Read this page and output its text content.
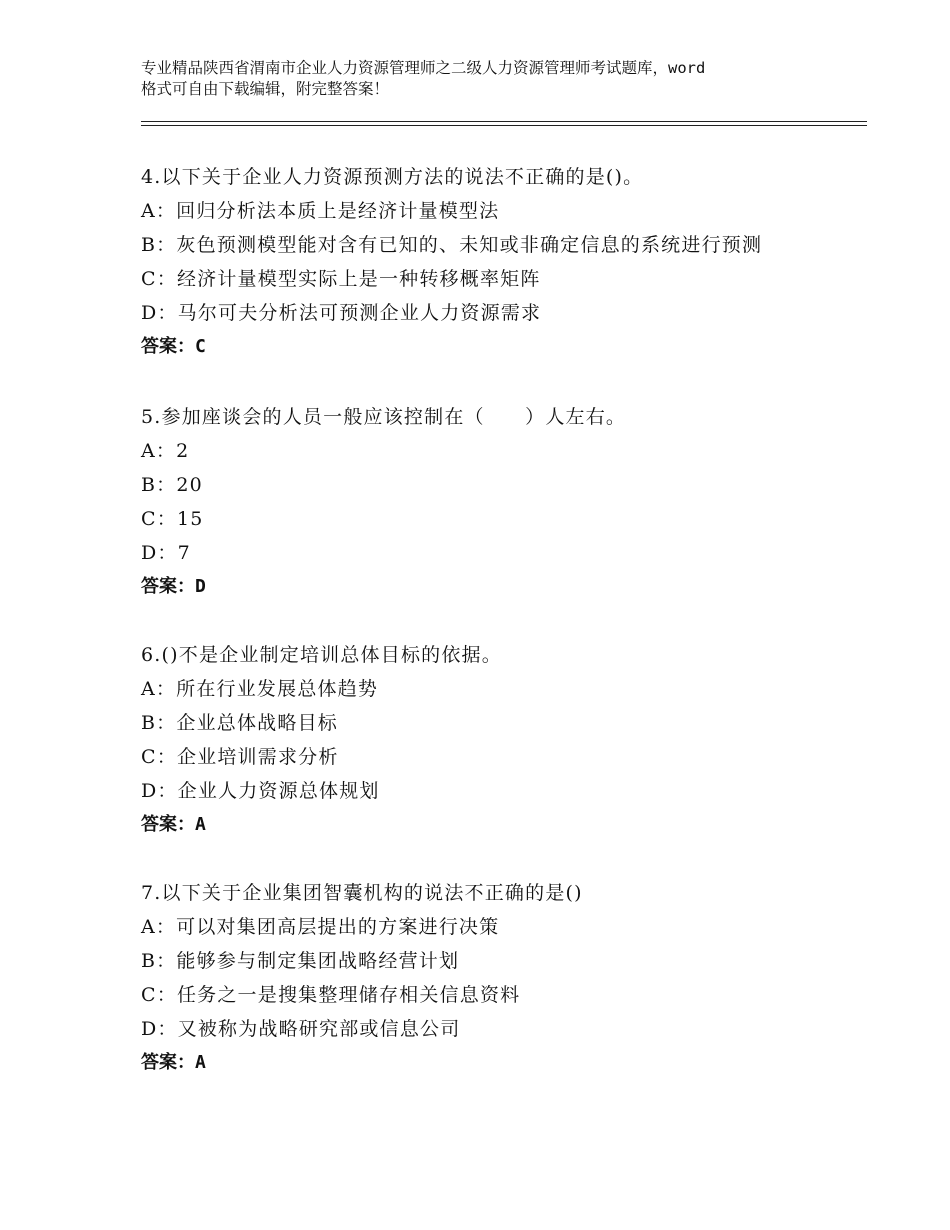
专业精品陕西省渭南市企业人力资源管理师之二级人力资源管理师考试题库，word
格式可自由下载编辑，附完整答案！
4.以下关于企业人力资源预测方法的说法不正确的是()。
A：回归分析法本质上是经济计量模型法
B：灰色预测模型能对含有已知的、未知或非确定信息的系统进行预测
C：经济计量模型实际上是一种转移概率矩阵
D：马尔可夫分析法可预测企业人力资源需求
答案：C
5.参加座谈会的人员一般应该控制在（　　）人左右。
A：2
B：20
C：15
D：7
答案：D
6.()不是企业制定培训总体目标的依据。
A：所在行业发展总体趋势
B：企业总体战略目标
C：企业培训需求分析
D：企业人力资源总体规划
答案：A
7.以下关于企业集团智囊机构的说法不正确的是()
A：可以对集团高层提出的方案进行决策
B：能够参与制定集团战略经营计划
C：任务之一是搜集整理储存相关信息资料
D：又被称为战略研究部或信息公司
答案：A
